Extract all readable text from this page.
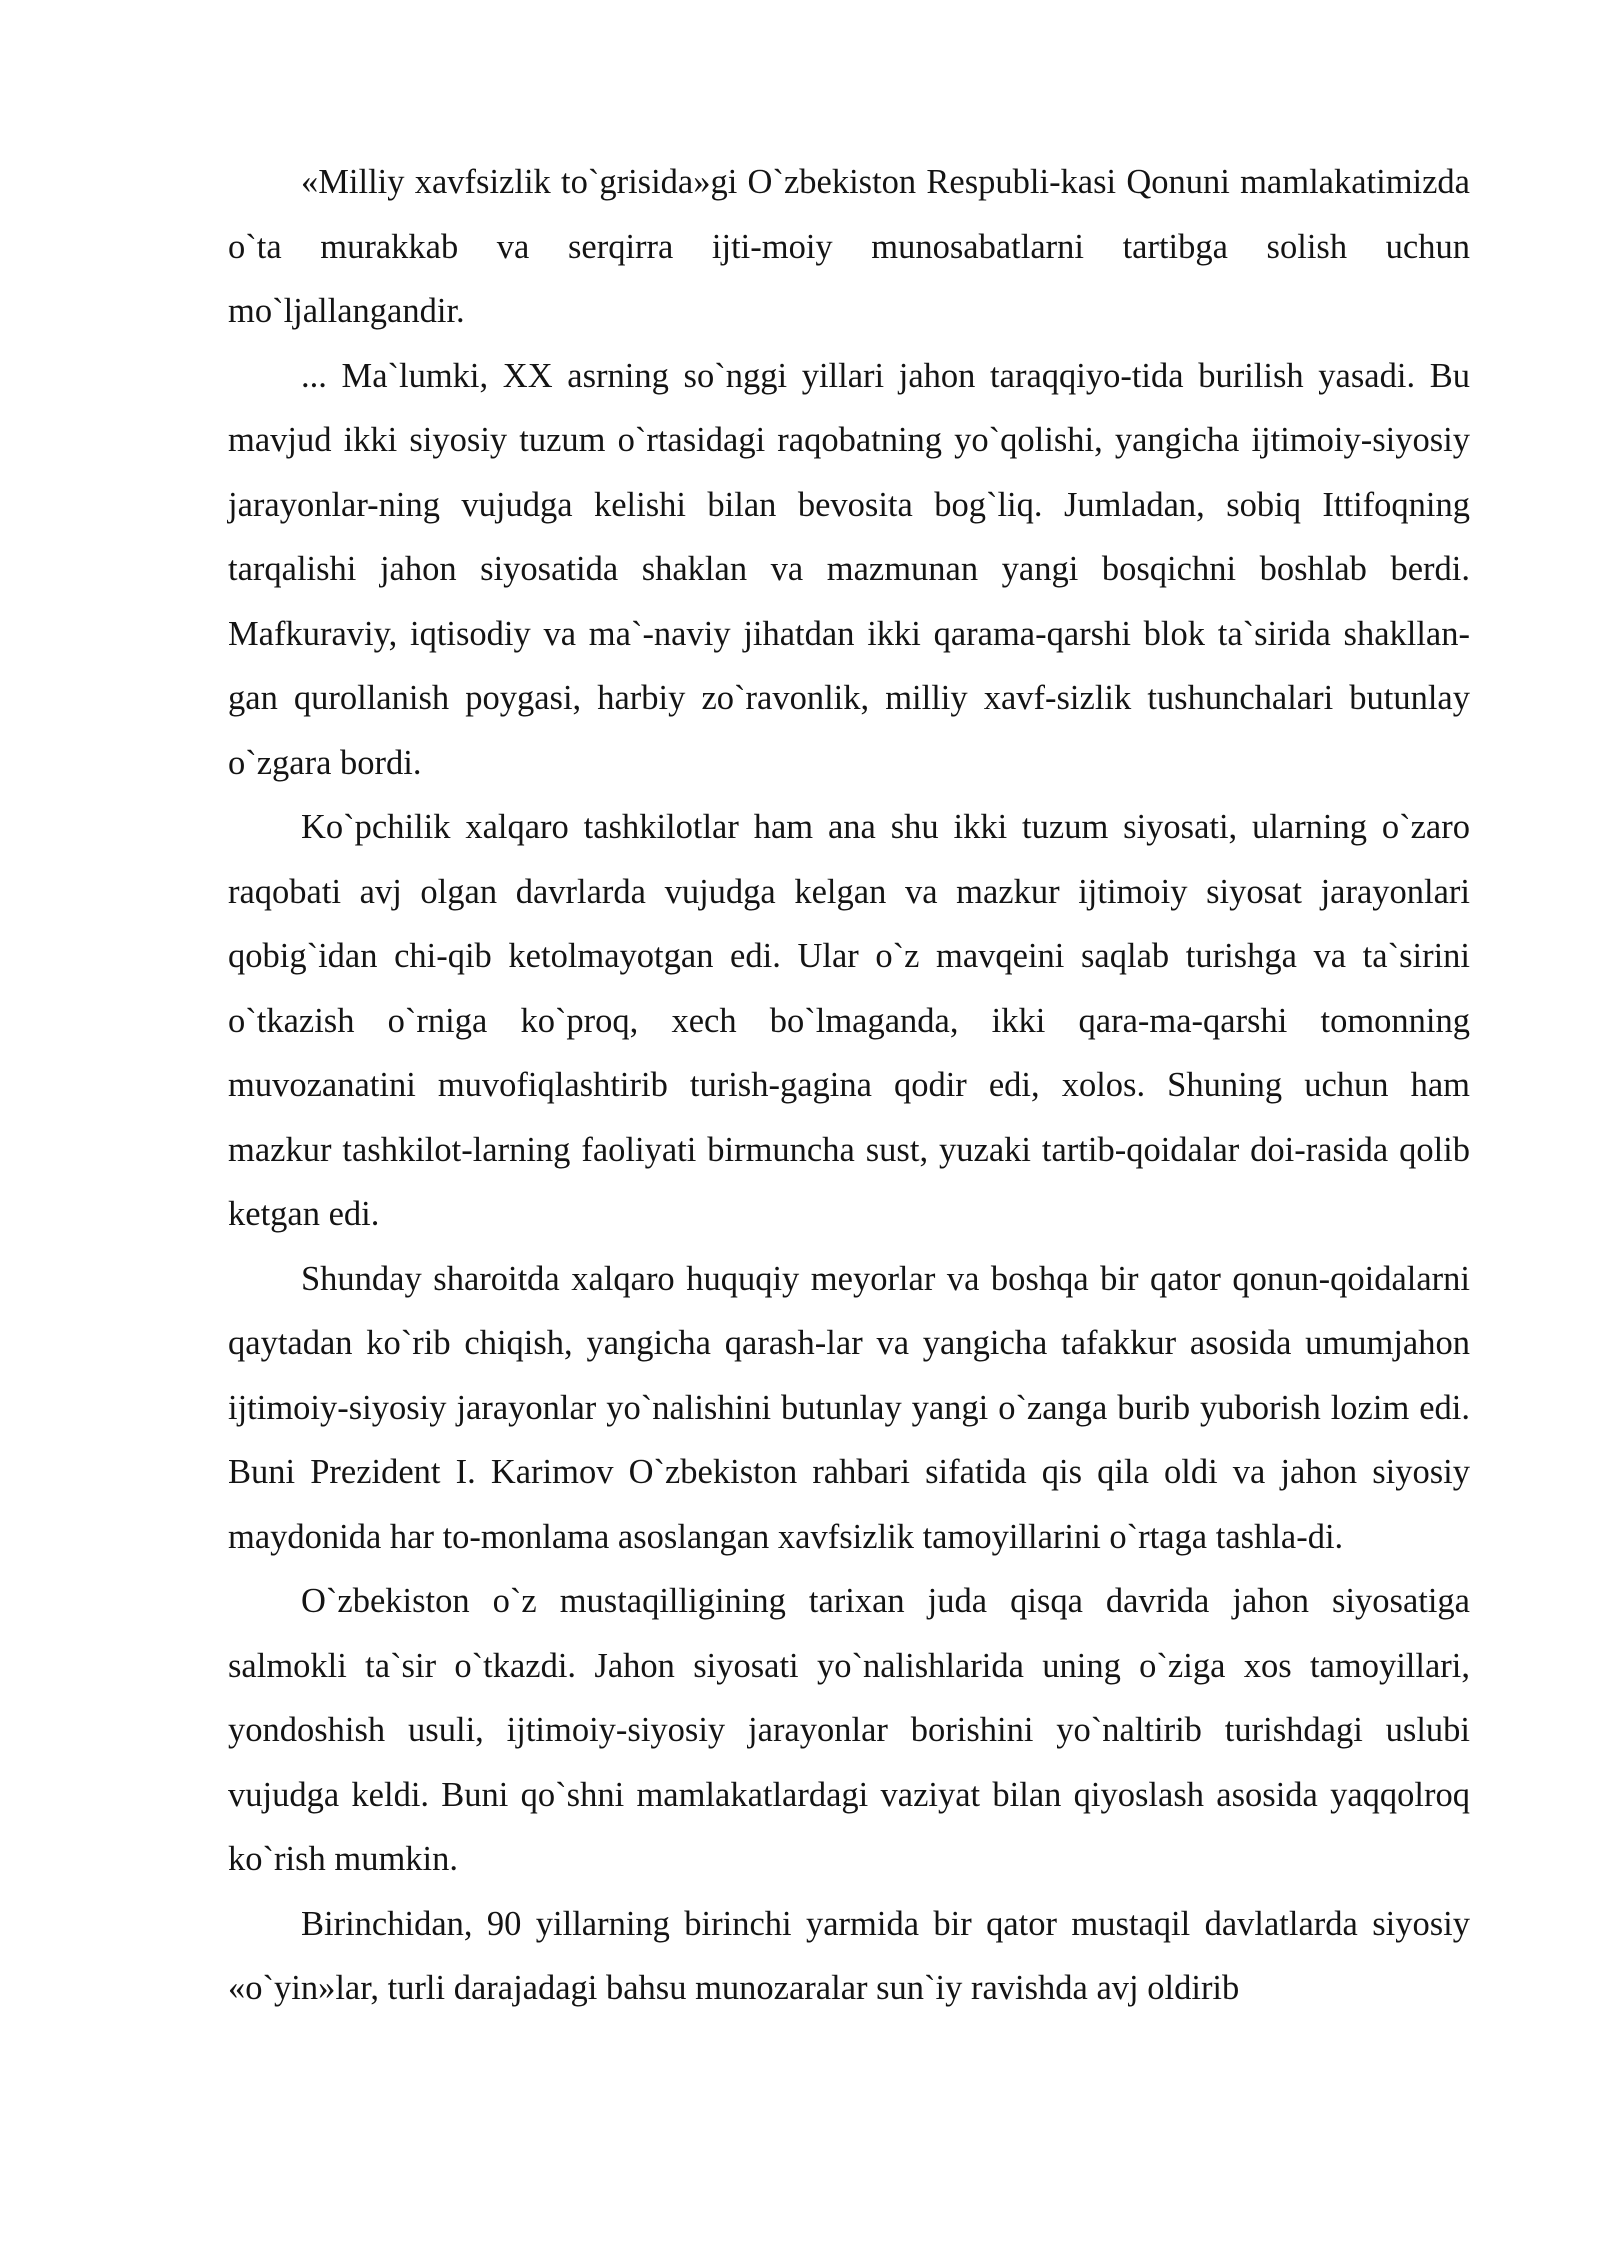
«Milliy xavfsizlik to`grisida»gi O`zbekiston Respubli-kasi Qonuni mamlakatimizda o`ta murakkab va serqirra ijti-moiy munosabatlarni tartibga solish uchun mo`ljallangandir.

... Ma`lumki, XX asrning so`nggi yillari jahon taraqqiyo-tida burilish yasadi. Bu mavjud ikki siyosiy tuzum o`rtasidagi raqobatning yo`qolishi, yangicha ijtimoiy-siyosiy jarayonlar-ning vujudga kelishi bilan bevosita bog`liq. Jumladan, sobiq Ittifoqning tarqalishi jahon siyosatida shaklan va mazmunan yangi bosqichni boshlab berdi. Mafkuraviy, iqtisodiy va ma`-naviy jihatdan ikki qarama-qarshi blok ta`sirida shakllan-gan qurollanish poygasi, harbiy zo`ravonlik, milliy xavf-sizlik tushunchalari butunlay o`zgara bordi.

Ko`pchilik xalqaro tashkilotlar ham ana shu ikki tuzum siyosati, ularning o`zaro raqobati avj olgan davrlarda vujudga kelgan va mazkur ijtimoiy siyosat jarayonlari qobig`idan chi-qib ketolmayotgan edi. Ular o`z mavqeini saqlab turishga va ta`sirini o`tkazish o`rniga ko`proq, xech bo`lmaganda, ikki qara-ma-qarshi tomonning muvozanatini muvofiqlashtirib turish-gagina qodir edi, xolos. Shuning uchun ham mazkur tashkilot-larning faoliyati birmuncha sust, yuzaki tartib-qoidalar doi-rasida qolib ketgan edi.

Shunday sharoitda xalqaro huquqiy meyorlar va boshqa bir qator qonun-qoidalarni qaytadan ko`rib chiqish, yangicha qarash-lar va yangicha tafakkur asosida umumjahon ijtimoiy-siyosiy jarayonlar yo`nalishini butunlay yangi o`zanga burib yuborish lozim edi. Buni Prezident I. Karimov O`zbekiston rahbari sifatida qis qila oldi va jahon siyosiy maydonida har to-monlama asoslangan xavfsizlik tamoyillarini o`rtaga tashla-di.

O`zbekiston o`z mustaqilligining tarixan juda qisqa davrida jahon siyosatiga salmokli ta`sir o`tkazdi. Jahon siyosati yo`nalishlarida uning o`ziga xos tamoyillari, yondoshish usuli, ijtimoiy-siyosiy jarayonlar borishini yo`naltirib turishdagi uslubi vujudga keldi. Buni qo`shni mamlakatlardagi vaziyat bilan qiyoslash asosida yaqqolroq ko`rish mumkin.

Birinchidan, 90 yillarning birinchi yarmida bir qator mustaqil davlatlarda siyosiy «o`yin»lar, turli darajadagi bahsu munozaralar sun`iy ravishda avj oldirib
